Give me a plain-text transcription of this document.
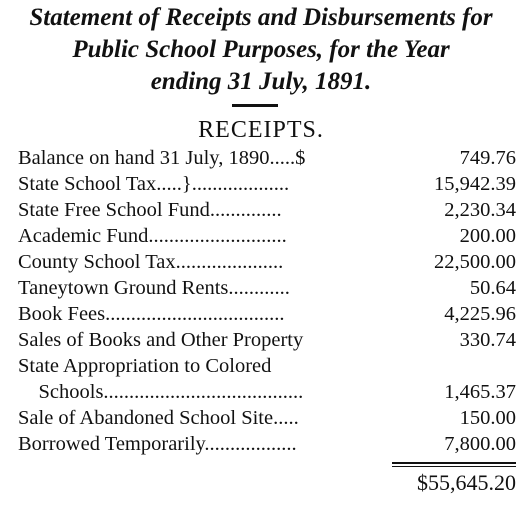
Statement of Receipts and Disbursements for
Public School Purposes, for the Year
ending 31 July, 1891.
RECEIPTS.
Balance on hand 31 July, 1890.....$	749.76
State School Tax.....}...................	15,942.39
State Free School Fund..............	2,230.34
Academic Fund...........................	200.00
County School Tax.....................	22,500.00
Taneytown Ground Rents............	50.64
Book Fees...................................	4,225.96
Sales of Books and Other Property	330.74
State Appropriation to Colored
Schools.......................................	1,465.37
Sale of Abandoned School Site.....	150.00
Borrowed Temporarily..................	7,800.00
$55,645.20
